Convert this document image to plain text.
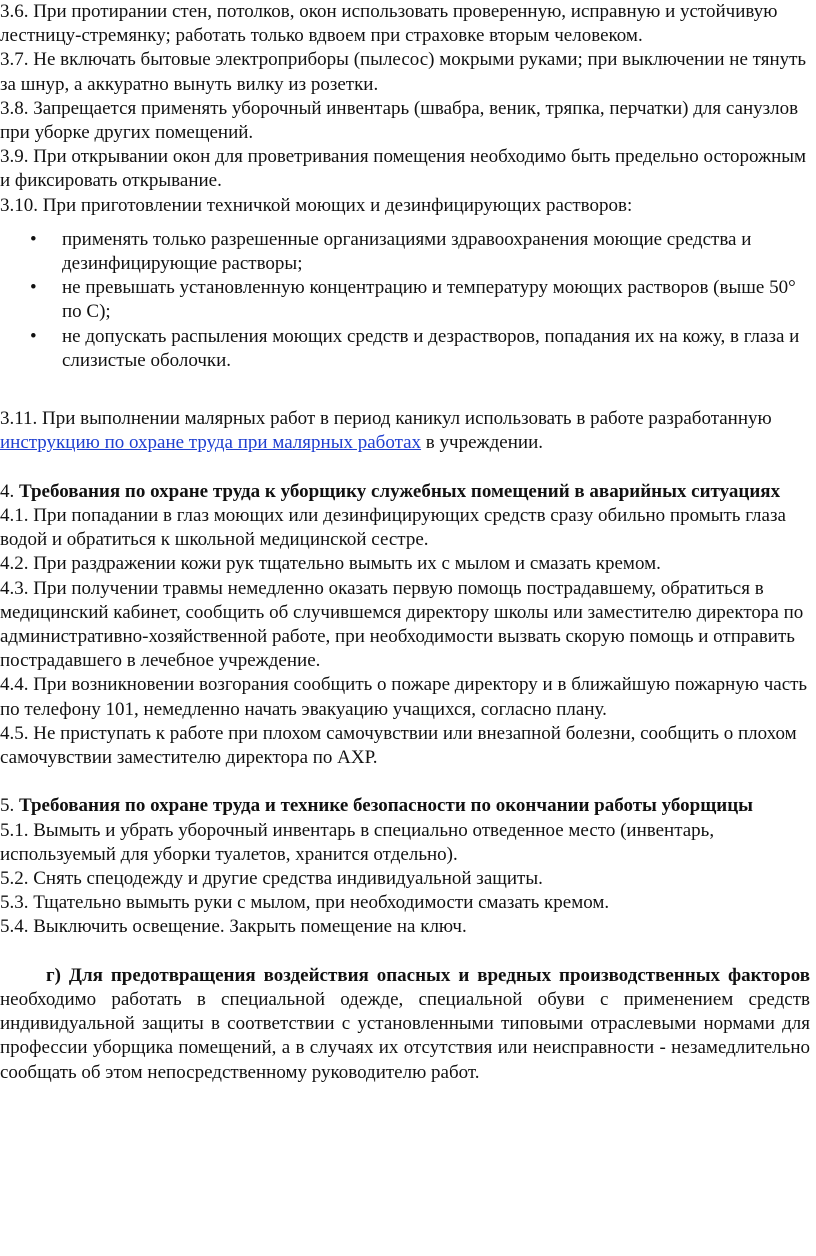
3.6. При протирании стен, потолков, окон использовать проверенную, исправную и устойчивую лестницу-стремянку; работать только вдвоем при страховке вторым человеком.

3.7. Не включать бытовые электроприборы (пылесос) мокрыми руками; при выключении не тянуть за шнур, а аккуратно вынуть вилку из розетки.

3.8. Запрещается применять уборочный инвентарь (швабра, веник, тряпка, перчатки) для санузлов при уборке других помещений.

3.9. При открывании окон для проветривания помещения необходимо быть предельно осторожным и фиксировать открывание.

3.10. При приготовлении техничкой моющих и дезинфицирующих растворов:

• применять только разрешенные организациями здравоохранения моющие средства и дезинфицирующие растворы;
• не превышать установленную концентрацию и температуру моющих растворов (выше 50° по С);
• не допускать распыления моющих средств и дезрастворов, попадания их на кожу, в глаза и слизистые оболочки.

3.11. При выполнении малярных работ в период каникул использовать в работе разработанную инструкцию по охране труда при малярных работах в учреждении.

4. Требования по охране труда к уборщику служебных помещений в аварийных ситуациях

4.1. При попадании в глаз моющих или дезинфицирующих средств сразу обильно промыть глаза водой и обратиться к школьной медицинской сестре.

4.2. При раздражении кожи рук тщательно вымыть их с мылом и смазать кремом.

4.3. При получении травмы немедленно оказать первую помощь пострадавшему, обратиться в медицинский кабинет, сообщить об случившемся директору школы или заместителю директора по административно-хозяйственной работе, при необходимости вызвать скорую помощь и отправить пострадавшего в лечебное учреждение.

4.4. При возникновении возгорания сообщить о пожаре директору и в ближайшую пожарную часть по телефону 101, немедленно начать эвакуацию учащихся, согласно плану.

4.5. Не приступать к работе при плохом самочувствии или внезапной болезни, сообщить о плохом самочувствии заместителю директора по АХР.

5. Требования по охране труда и технике безопасности по окончании работы уборщицы

5.1. Вымыть и убрать уборочный инвентарь в специально отведенное место (инвентарь, используемый для уборки туалетов, хранится отдельно).

5.2. Снять спецодежду и другие средства индивидуальной защиты.

5.3. Тщательно вымыть руки с мылом, при необходимости смазать кремом.

5.4. Выключить освещение. Закрыть помещение на ключ.

г) Для предотвращения воздействия опасных и вредных производственных факторов необходимо работать в специальной одежде, специальной обуви с применением средств индивидуальной защиты в соответствии с установленными типовыми отраслевыми нормами для профессии уборщика помещений, а в случаях их отсутствия или неисправности - незамедлительно сообщать об этом непосредственному руководителю работ.
